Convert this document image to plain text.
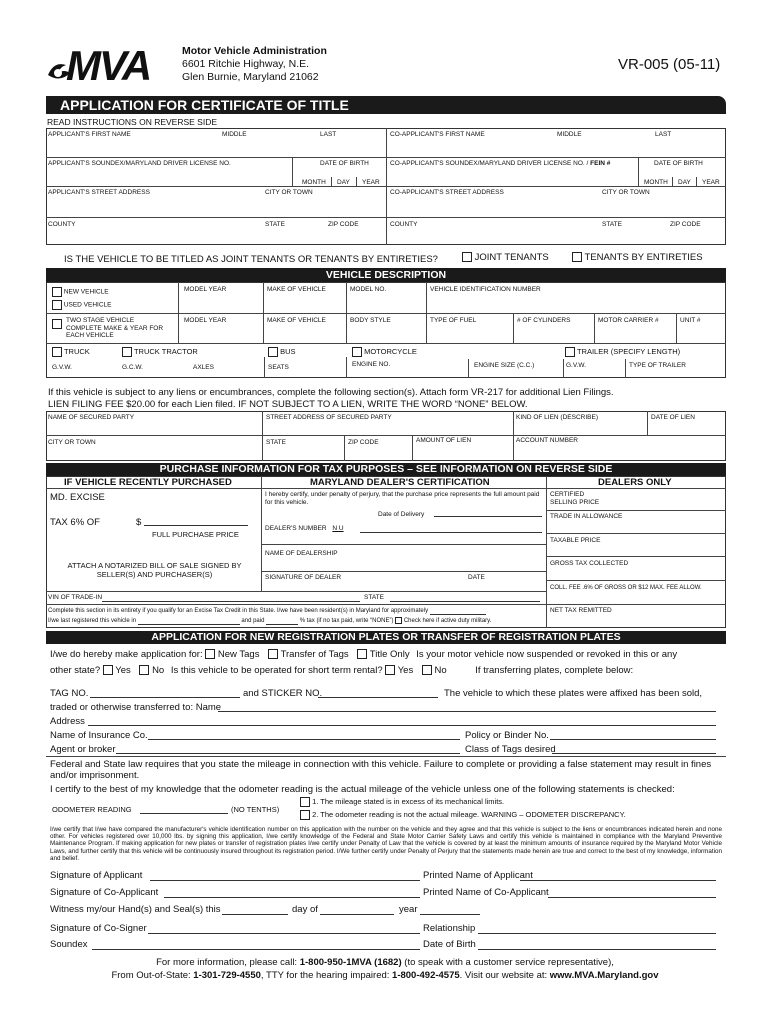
MVA	Motor Vehicle Administration
6601 Ritchie Highway, N.E.
Glen Burnie, Maryland 21062
VR-005 (05-11)
APPLICATION FOR CERTIFICATE OF TITLE
READ INSTRUCTIONS ON REVERSE SIDE
APPLICANT'S FIRST NAME	MIDDLE	LAST	CO-APPLICANT'S FIRST NAME	MIDDLE	LAST
APPLICANT'S SOUNDEX/MARYLAND DRIVER LICENSE NO.	DATE OF BIRTH
MONTH DAY YEAR
CO-APPLICANT'S SOUNDEX/MARYLAND DRIVER LICENSE NO. / FEIN #	DATE OF BIRTH
MONTH DAY YEAR
APPLICANT'S STREET ADDRESS	CITY OR TOWN	CO-APPLICANT'S STREET ADDRESS	CITY OR TOWN
COUNTY	STATE	ZIP CODE	COUNTY	STATE	ZIP CODE
IS THE VEHICLE TO BE TITLED AS JOINT TENANTS OR TENANTS BY ENTIRETIES?	JOINT TENANTS	TENANTS BY ENTIRETIES
VEHICLE DESCRIPTION
NEW VEHICLE
USED VEHICLE
MODEL YEAR	MAKE OF VEHICLE	MODEL NO.	VEHICLE IDENTIFICATION NUMBER
TWO STAGE VEHICLE COMPLETE MAKE & YEAR FOR EACH VEHICLE
MODEL YEAR	MAKE OF VEHICLE	BODY STYLE	TYPE OF FUEL	# OF CYLINDERS	MOTOR CARRIER #	UNIT #
TRUCK	TRUCK TRACTOR	BUS	MOTORCYCLE	TRAILER (SPECIFY LENGTH)
G.V.W.	G.C.W.	AXLES	SEATS	ENGINE NO.	ENGINE SIZE (C.C.)	G.V.W.	TYPE OF TRAILER
If this vehicle is subject to any liens or encumbrances, complete the following section(s). Attach form VR-217 for additional Lien Filings.
LIEN FILING FEE $20.00 for each Lien filed. IF NOT SUBJECT TO A LIEN, WRITE THE WORD “NONE” BELOW.
NAME OF SECURED PARTY	STREET ADDRESS OF SECURED PARTY	KIND OF LIEN (DESCRIBE)	DATE OF LIEN
CITY OR TOWN	STATE	ZIP CODE	AMOUNT OF LIEN	ACCOUNT NUMBER
PURCHASE INFORMATION FOR TAX PURPOSES – SEE INFORMATION ON REVERSE SIDE
IF VEHICLE RECENTLY PURCHASED	MARYLAND DEALER'S CERTIFICATION	DEALERS ONLY
MD. EXCISE
TAX 6% OF	$
FULL PURCHASE PRICE
ATTACH A NOTARIZED BILL OF SALE SIGNED BY SELLER(S) AND PURCHASER(S)
I hereby certify, under penalty of perjury, that the purchase price represents the full amount paid for this vehicle.
Date of Delivery
DEALER'S NUMBER N U
NAME OF DEALERSHIP
SIGNATURE OF DEALER	DATE
CERTIFIED SELLING PRICE
TRADE IN ALLOWANCE
TAXABLE PRICE
GROSS TAX COLLECTED
COLL. FEE .6% OF GROSS OR $12 MAX. FEE ALLOW.
NET TAX REMITTED
VIN OF TRADE-IN	STATE
Complete this section in its entirety if you qualify for an Excise Tax Credit in this State. I/we have been resident(s) in Maryland for approximately
I/we last registered this vehicle in	and paid	% tax (if no tax paid, write “NONE”) Check here if active duty military.
APPLICATION FOR NEW REGISTRATION PLATES OR TRANSFER OF REGISTRATION PLATES
I/we do hereby make application for: New Tags Transfer of Tags Title Only Is your motor vehicle now suspended or revoked in this or any
other state? Yes No Is this vehicle to be operated for short term rental? Yes No	If transferring plates, complete below:
TAG NO.	and STICKER NO.	The vehicle to which these plates were affixed has been sold,
traded or otherwise transferred to: Name
Address
Name of Insurance Co.	Policy or Binder No.
Agent or broker	Class of Tags desired
Federal and State law requires that you state the mileage in connection with this vehicle. Failure to complete or providing a false statement may result in fines and/or imprisonment.
I certify to the best of my knowledge that the odometer reading is the actual mileage of the vehicle unless one of the following statements is checked:
ODOMETER READING	(NO TENTHS)
1. The mileage stated is in excess of its mechanical limits.
2. The odometer reading is not the actual mileage. WARNING – ODOMETER DISCREPANCY.
I/we certify that I/we have compared the manufacturer's vehicle identification number on this application with the number on the vehicle and they agree and that this vehicle is subject to the liens or encumbrances indicated herein and none other. For vehicles registered over 10,000 lbs. by signing this application, I/we certify knowledge of the Federal and State Motor Carrier Safety Laws and certify this vehicle is maintained in compliance with the Maryland Preventive Maintenance Program. If making application for new plates or transfer of registration plates I/we certify under Penalty of Law that the vehicle is covered by at least the minimum amounts of insurance required by the Maryland Motor Vehicle Laws, and further certify that this vehicle will be continuously insured throughout its registration period. I/We further certify under Penalty of Perjury that the statements made herein are true and correct to the best of my knowledge, information and belief.
Signature of Applicant	Printed Name of Applicant
Signature of Co-Applicant	Printed Name of Co-Applicant
Witness my/our Hand(s) and Seal(s) this	day of	year
Signature of Co-Signer	Relationship
Soundex	Date of Birth
For more information, please call: 1-800-950-1MVA (1682) (to speak with a customer service representative),
From Out-of-State: 1-301-729-4550, TTY for the hearing impaired: 1-800-492-4575. Visit our website at: www.MVA.Maryland.gov
